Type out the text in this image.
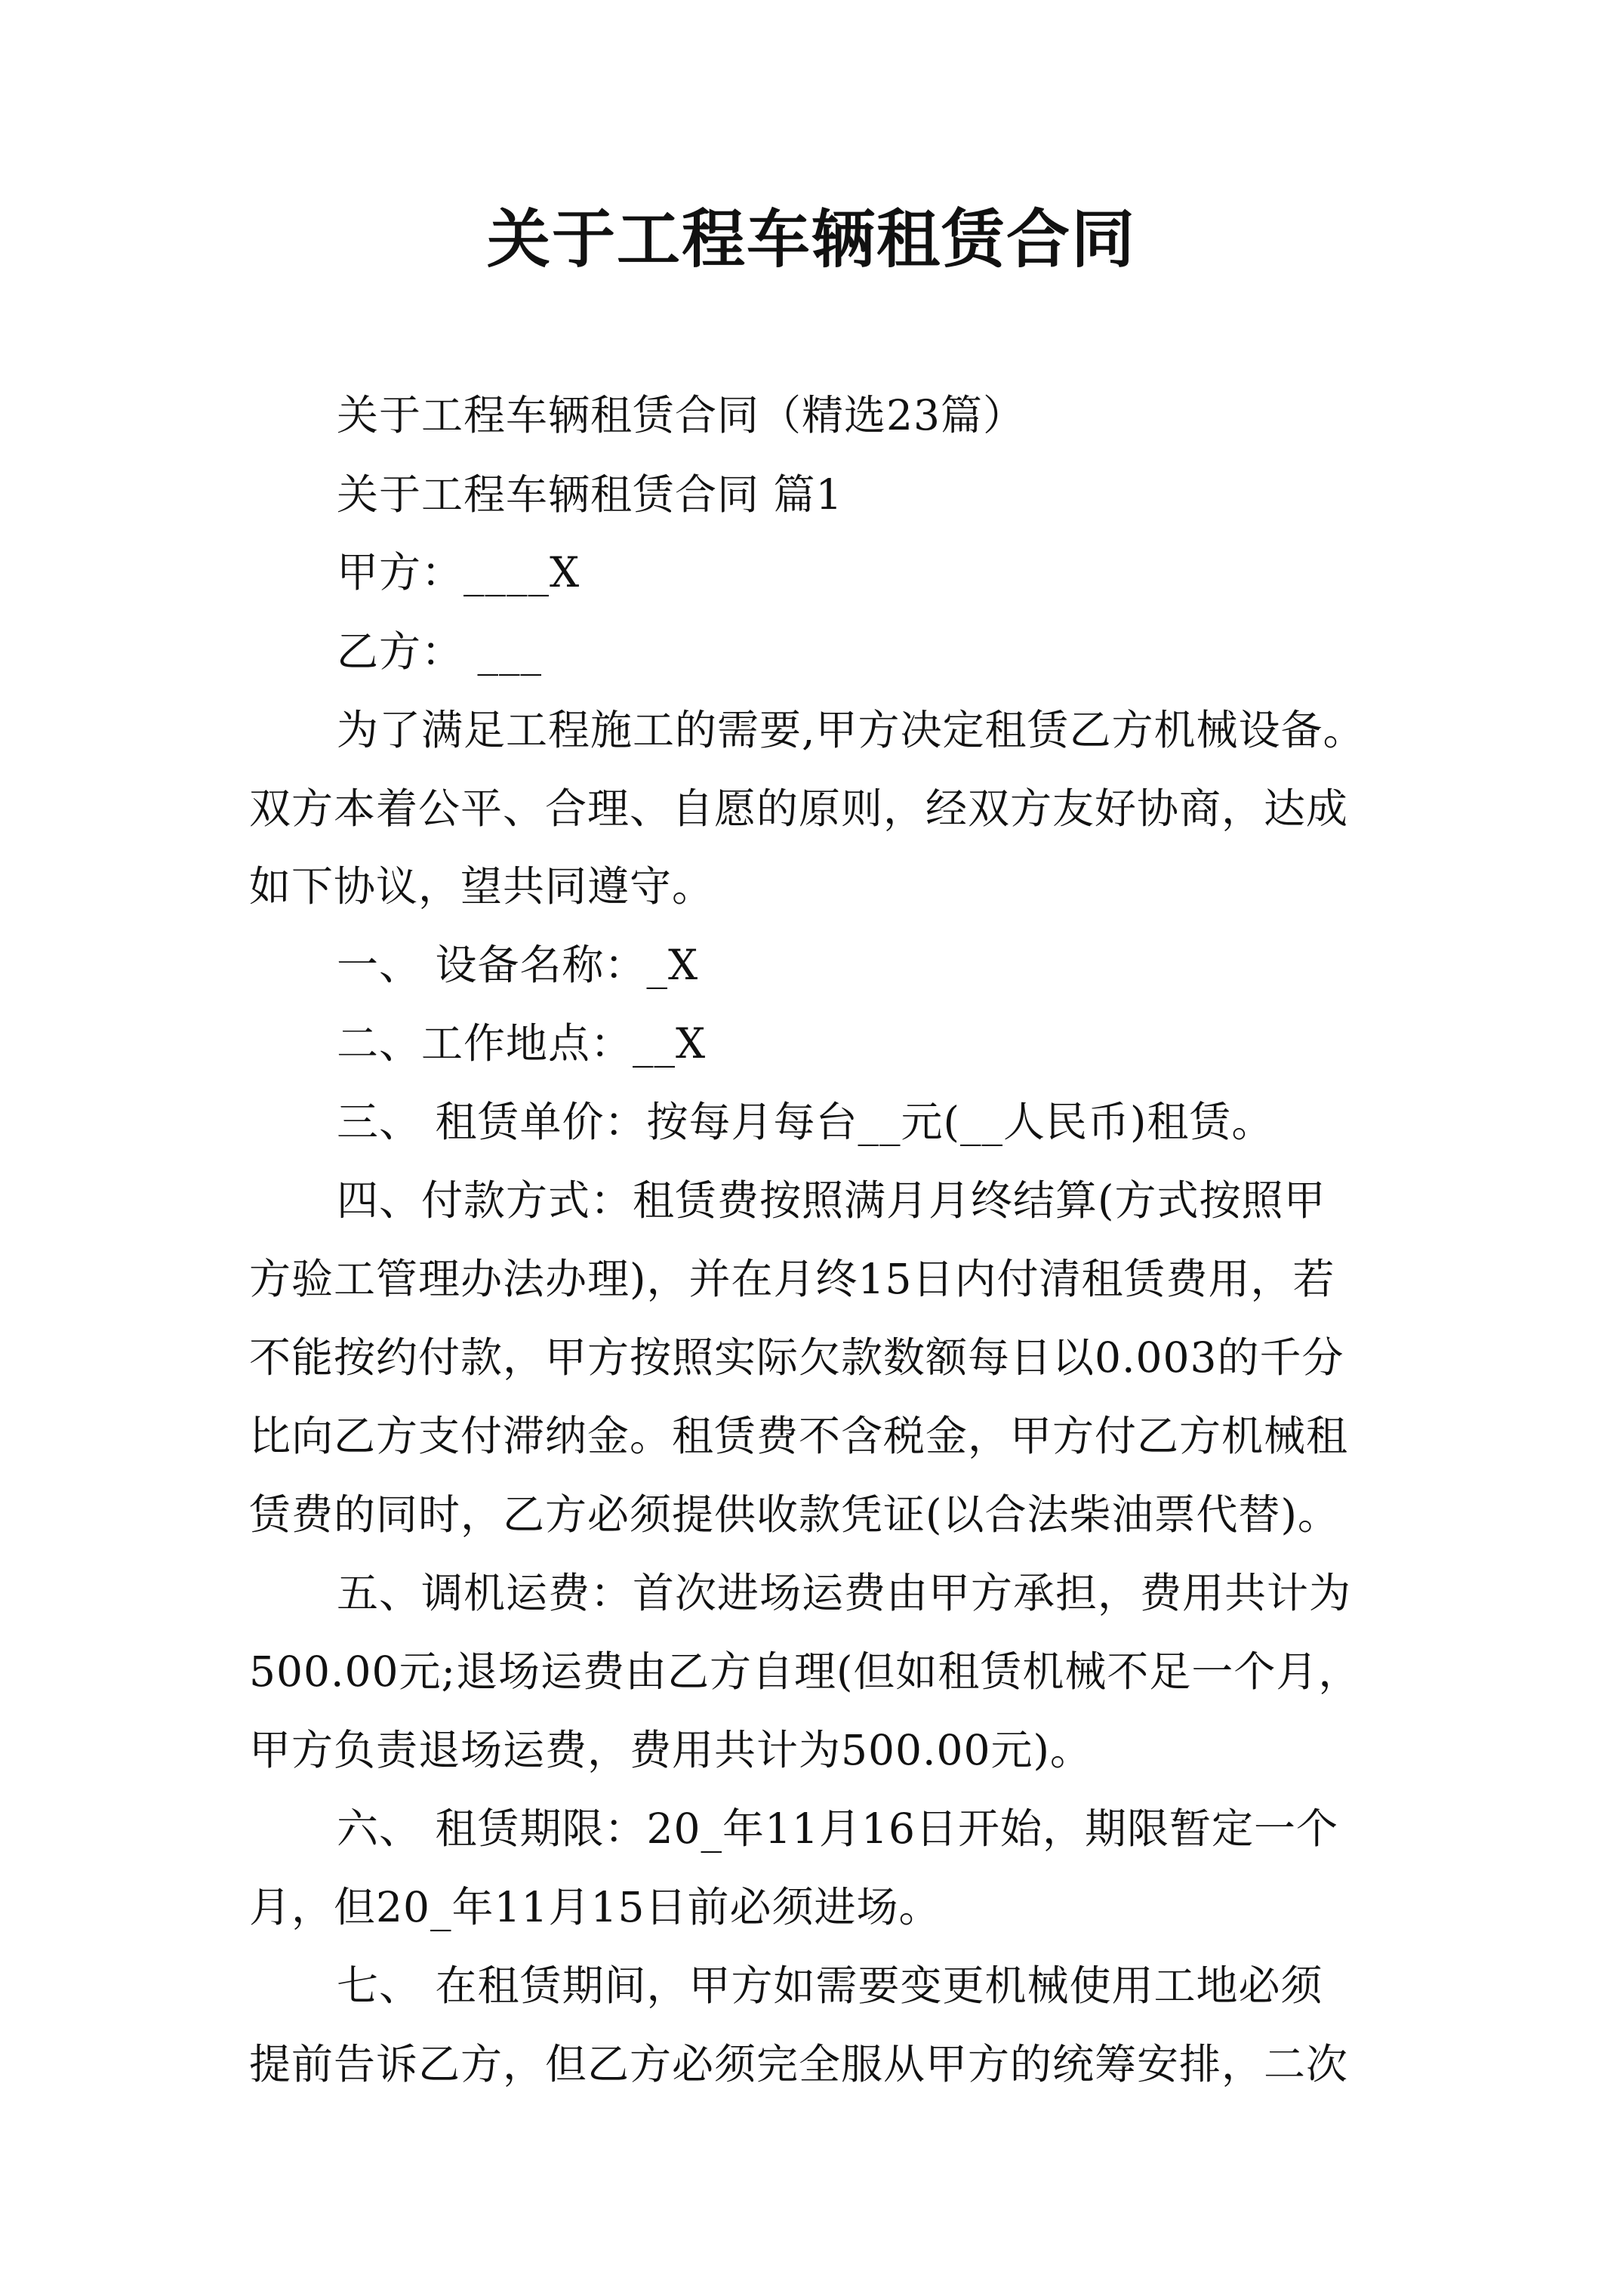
关于工程车辆租赁合同
关于工程车辆租赁合同（精选23篇）
关于工程车辆租赁合同 篇1
甲方：____X
乙方： ___
为了满足工程施工的需要,甲方决定租赁乙方机械设备。
双方本着公平、合理、自愿的原则，经双方友好协商，达成
如下协议，望共同遵守。
一、 设备名称：_X
二、工作地点：__X
三、 租赁单价：按每月每台__元(__人民币)租赁。
四、付款方式：租赁费按照满月月终结算(方式按照甲
方验工管理办法办理)，并在月终15日内付清租赁费用，若
不能按约付款，甲方按照实际欠款数额每日以0.003的千分
比向乙方支付滞纳金。租赁费不含税金，甲方付乙方机械租
赁费的同时，乙方必须提供收款凭证(以合法柴油票代替)。
五、调机运费：首次进场运费由甲方承担，费用共计为
500.00元;退场运费由乙方自理(但如租赁机械不足一个月，
甲方负责退场运费，费用共计为500.00元)。
六、 租赁期限：20_年11月16日开始，期限暂定一个
月，但20_年11月15日前必须进场。
七、 在租赁期间，甲方如需要变更机械使用工地必须
提前告诉乙方，但乙方必须完全服从甲方的统筹安排，二次
